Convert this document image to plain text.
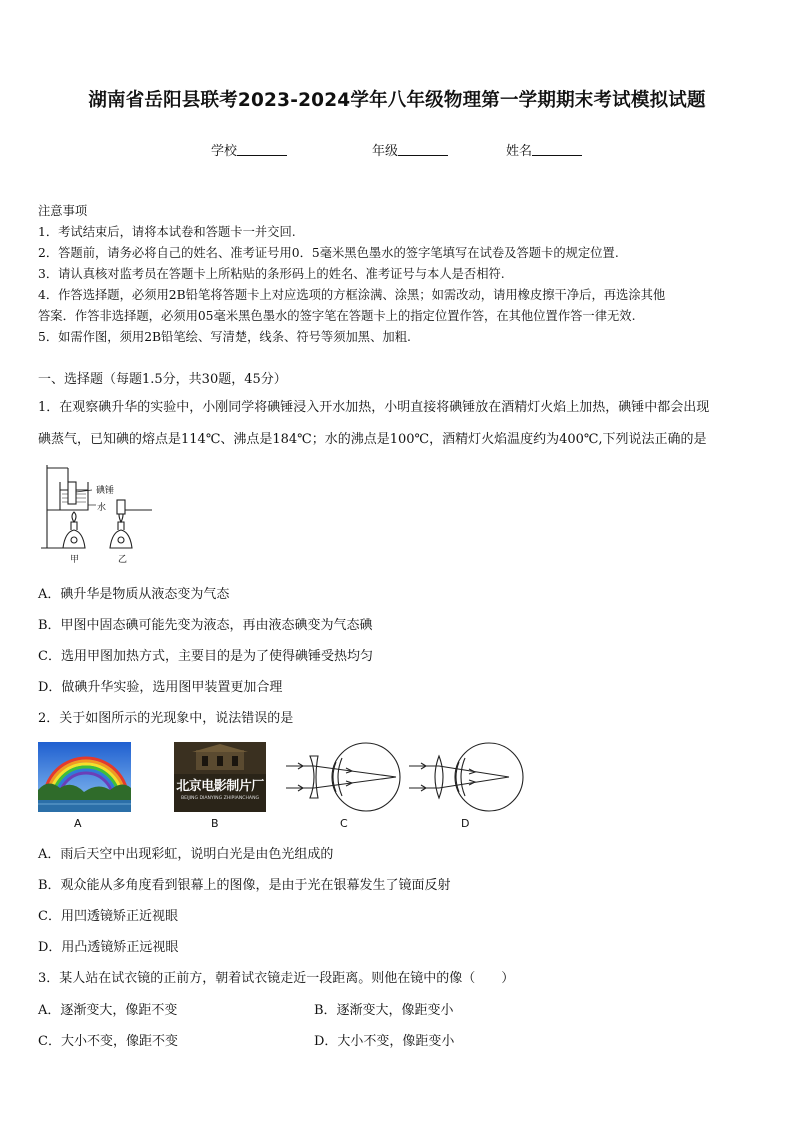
湖南省岳阳县联考2023-2024学年八年级物理第一学期期末考试模拟试题
学校	年级	姓名
注意事项
1．考试结束后，请将本试卷和答题卡一并交回.
2．答题前，请务必将自己的姓名、准考证号用0．5毫米黑色墨水的签字笔填写在试卷及答题卡的规定位置.
3．请认真核对监考员在答题卡上所粘贴的条形码上的姓名、准考证号与本人是否相符.
4．作答选择题，必须用2B铅笔将答题卡上对应选项的方框涂满、涂黑；如需改动，请用橡皮擦干净后，再选涂其他
答案．作答非选择题，必须用05毫米黑色墨水的签字笔在答题卡上的指定位置作答，在其他位置作答一律无效.
5．如需作图，须用2B铅笔绘、写清楚，线条、符号等须加黑、加粗.
一、选择题（每题1.5分，共30题，45分）
1．在观察碘升华的实验中，小刚同学将碘锤浸入开水加热，小明直接将碘锤放在酒精灯火焰上加热，碘锤中都会出现
碘蒸气，已知碘的熔点是114℃、沸点是184℃；水的沸点是100℃，酒精灯火焰温度约为400℃,下列说法正确的是
碘锤
水
甲	乙
A．碘升华是物质从液态变为气态
B．甲图中固态碘可能先变为液态，再由液态碘变为气态碘
C．选用甲图加热方式，主要目的是为了使得碘锤受热均匀
D．做碘升华实验，选用图甲装置更加合理
2．关于如图所示的光现象中，说法错误的是
A
北京电影制片厂
BEIJING DIANYING ZHIPIANCHANG
B	C	D
A．雨后天空中出现彩虹，说明白光是由色光组成的
B．观众能从多角度看到银幕上的图像，是由于光在银幕发生了镜面反射
C．用凹透镜矫正近视眼
D．用凸透镜矫正远视眼
3．某人站在试衣镜的正前方，朝着试衣镜走近一段距离。则他在镜中的像（　　）
A．逐渐变大，像距不变	B．逐渐变大，像距变小
C．大小不变，像距不变	D．大小不变，像距变小
